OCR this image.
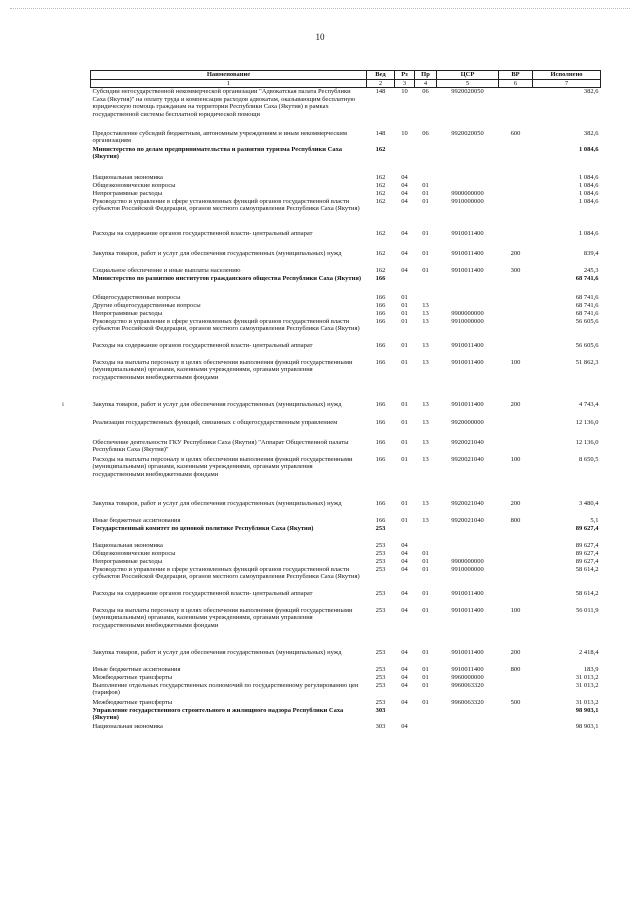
10
ı
Наименование	Вед	Рз	Пр	ЦСР	ВР	Исполнено
1	2	3	4	5	6	7
Субсидии негосударственной некоммерческой организации "Адвокатская палата Республики Саха (Якутия)" на оплату труда и компенсация расходов адвокатам, оказывающим бесплатную юридическую помощь гражданам на территории Республики Саха (Якутия) в рамках государственной системы бесплатной юридической помощи	148	10	06	9920020050		382,6
Предоставление субсидий бюджетным, автономным учреждениям и иным некоммерческим организациям	148	10	06	9920020050	600	382,6
Министерство по делам предпринимательства и развития туризма Республики Саха (Якутия)	162					1 084,6
Национальная экономика	162	04				1 084,6
Общеэкономические вопросы	162	04	01			1 084,6
Непрограммные расходы	162	04	01	9900000000		1 084,6
Руководство и управление в сфере установленных функций органов государственной власти субъектов Российской Федерации, органов местного самоуправления Республики Саха (Якутия)	162	04	01	9910000000		1 084,6
Расходы на содержание органов государственной власти- центральный аппарат	162	04	01	9910011400		1 084,6
Закупка товаров, работ и услуг для обеспечения государственных (муниципальных) нужд	162	04	01	9910011400	200	839,4
Социальное обеспечение и иные выплаты населению	162	04	01	9910011400	300	245,3
Министерство по развитию институтов гражданского общества Республики Саха (Якутия)	166					68 741,6
Общегосударственные вопросы	166	01				68 741,6
Другие общегосударственные вопросы	166	01	13			68 741,6
Непрограммные расходы	166	01	13	9900000000		68 741,6
Руководство и управление в сфере установленных функций органов государственной власти субъектов Российской Федерации, органов местного самоуправления Республики Саха (Якутия)	166	01	13	9910000000		56 605,6
Расходы на содержание органов государственной власти- центральный аппарат	166	01	13	9910011400		56 605,6
Расходы на выплаты персоналу в целях обеспечения выполнения функций государственными (муниципальными) органами, казенными учреждениями, органами управления государственными внебюджетными фондами	166	01	13	9910011400	100	51 862,3
Закупка товаров, работ и услуг для обеспечения государственных (муниципальных) нужд	166	01	13	9910011400	200	4 743,4
Реализация государственных функций, связанных с общегосударственным управлением	166	01	13	9920000000		12 136,0
Обеспечение деятельности ГКУ Республики Саха (Якутия) "Аппарат Общественной палаты Республики Саха (Якутия)"	166	01	13	9920021040		12 136,0
Расходы на выплаты персоналу в целях обеспечения выполнения функций государственными (муниципальными) органами, казенными учреждениями, органами управления государственными внебюджетными фондами	166	01	13	9920021040	100	8 650,5
Закупка товаров, работ и услуг для обеспечения государственных (муниципальных) нужд	166	01	13	9920021040	200	3 480,4
Иные бюджетные ассигнования	166	01	13	9920021040	800	5,1
Государственный комитет по ценовой политике Республики Саха (Якутия)	253					89 627,4
Национальная экономика	253	04				89 627,4
Общеэкономические вопросы	253	04	01			89 627,4
Непрограммные расходы	253	04	01	9900000000		89 627,4
Руководство и управление в сфере установленных функций органов государственной власти субъектов Российской Федерации, органов местного самоуправления Республики Саха (Якутия)	253	04	01	9910000000		58 614,2
Расходы на содержание органов государственной власти- центральный аппарат	253	04	01	9910011400		58 614,2
Расходы на выплаты персоналу в целях обеспечения выполнения функций государственными (муниципальными) органами, казенными учреждениями, органами управления государственными внебюджетными фондами	253	04	01	9910011400	100	56 011,9
Закупка товаров, работ и услуг для обеспечения государственных (муниципальных) нужд	253	04	01	9910011400	200	2 418,4
Иные бюджетные ассигнования	253	04	01	9910011400	800	183,9
Межбюджетные трансферты	253	04	01	9960000000		31 013,2
Выполнение отдельных государственных полномочий по государственному регулированию цен (тарифов)	253	04	01	9960063320		31 013,2
Межбюджетные трансферты	253	04	01	9960063320	500	31 013,2
Управление государственного строительного и жилищного надзора Республики Саха (Якутия)	303					98 903,1
Национальная экономика	303	04				98 903,1
